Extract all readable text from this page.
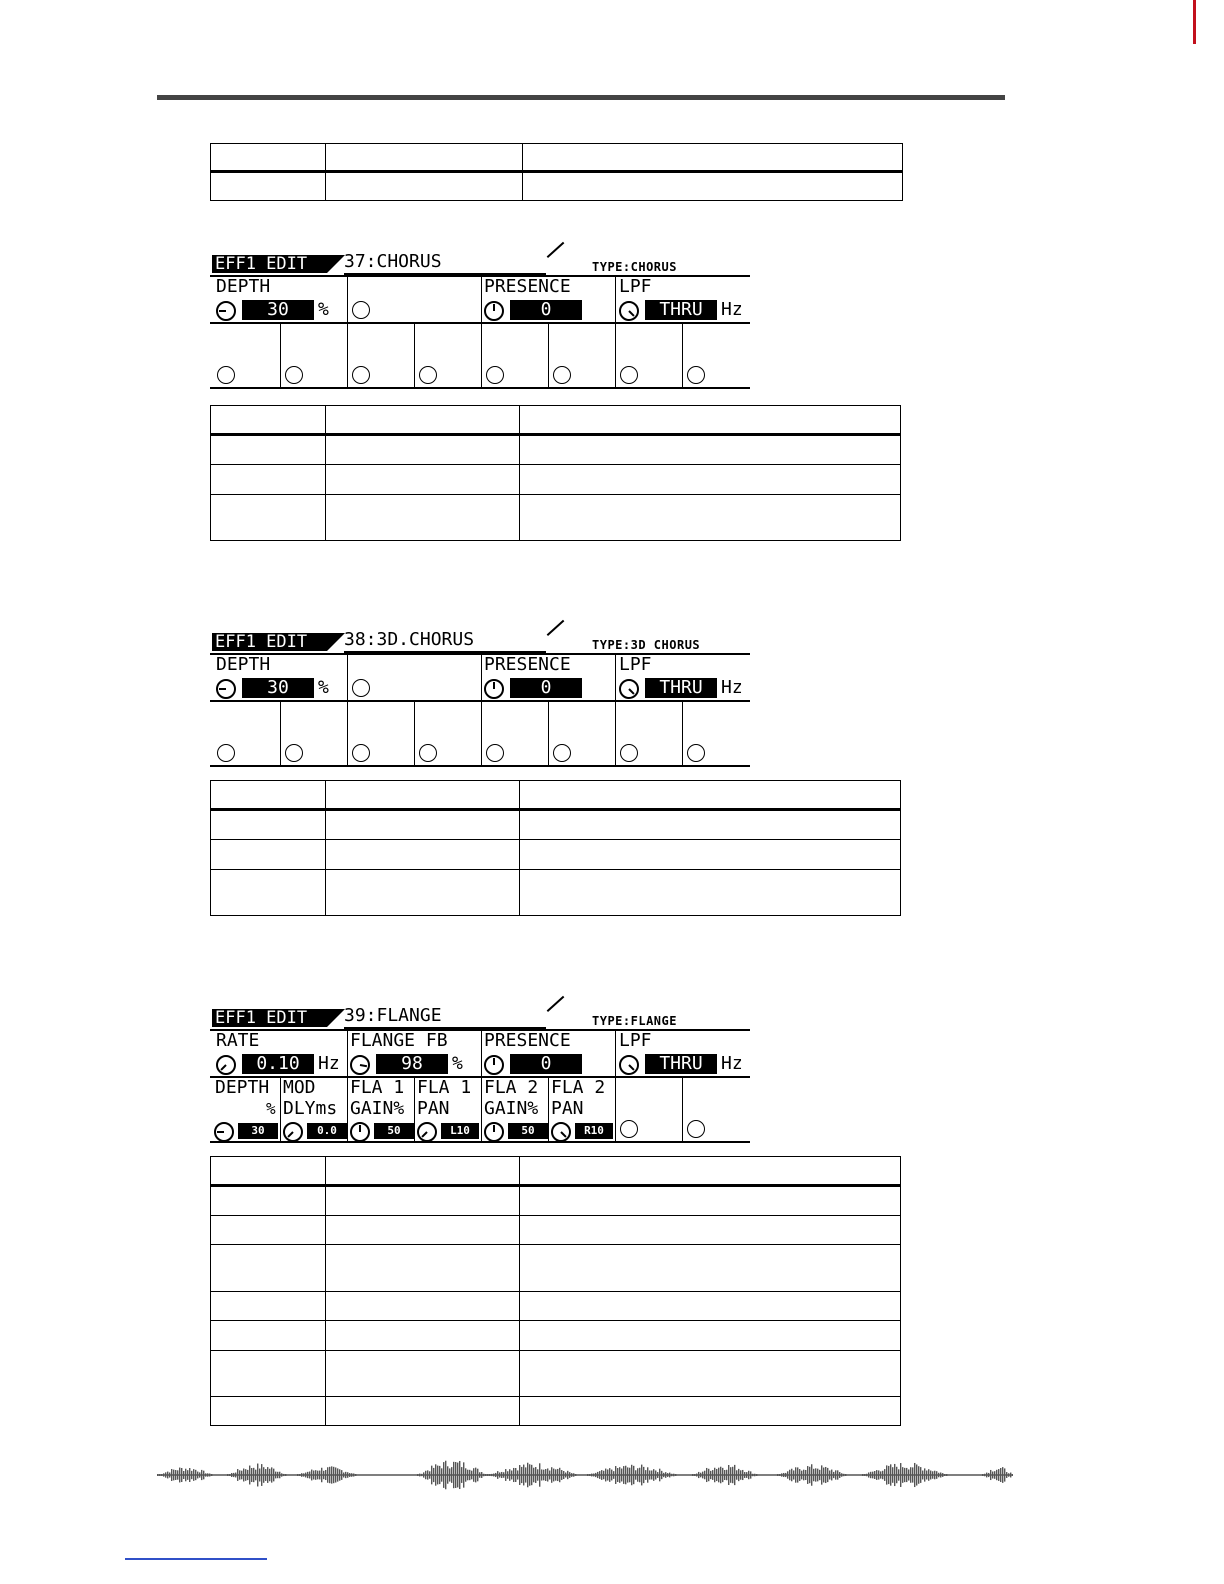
EFF1 EDIT	37:CHORUS	TYPE:CHORUS
DEPTH
30	%
PRESENCE
0
LPF
THRU	Hz

EFF1 EDIT	38:3D.CHORUS	TYPE:3D CHORUS
DEPTH
30	%
PRESENCE
0
LPF
THRU	Hz

EFF1 EDIT	39:FLANGE	TYPE:FLANGE
RATE
0.10	Hz
FLANGE FB
98	%
PRESENCE
0
LPF
THRU	Hz
DEPTH
%
30
MOD
DLYms
0.0
FLA 1
GAIN%
50
FLA 1
PAN
L10
FLA 2
GAIN%
50
FLA 2
PAN
R10
